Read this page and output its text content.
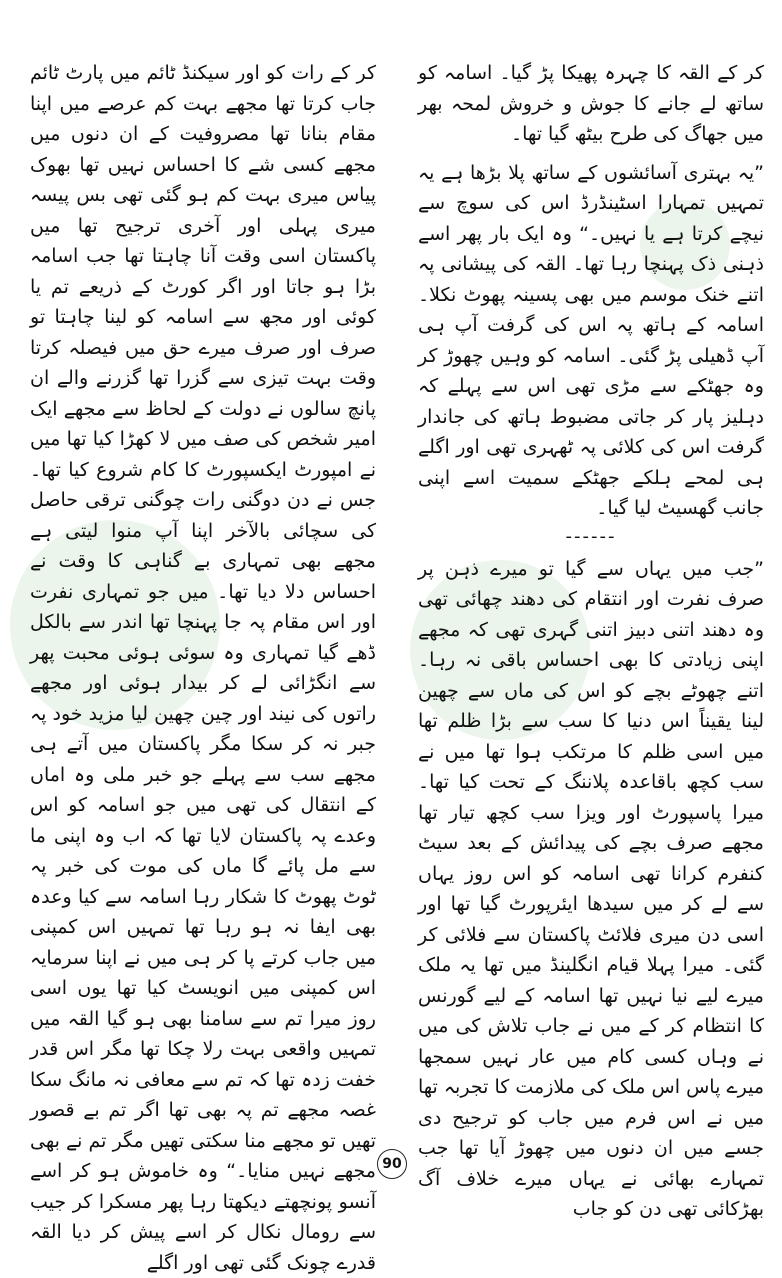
کر کے القہ کا چہرہ پھیکا پڑ گیا۔ اسامہ کو ساتھ لے جانے کا جوش و خروش لمحہ بھر میں جھاگ کی طرح بیٹھ گیا تھا۔

”یہ بہتری آسائشوں کے ساتھ پلا بڑھا ہے یہ تمہیں تمہارا اسٹینڈرڈ اس کی سوچ سے نیچے کرتا ہے یا نہیں۔“ وہ ایک بار پھر اسے ذہنی ذک پہنچا رہا تھا۔ القہ کی پیشانی پہ اتنے خنک موسم میں بھی پسینہ پھوٹ نکلا۔ اسامہ کے ہاتھ پہ اس کی گرفت آپ ہی آپ ڈھیلی پڑ گئی۔ اسامہ کو وہیں چھوڑ کر وہ جھٹکے سے مڑی تھی اس سے پہلے کہ دہلیز پار کر جاتی مضبوط ہاتھ کی جاندار گرفت اس کی کلائی پہ ٹھہری تھی اور اگلے ہی لمحے ہلکے جھٹکے سمیت اسے اپنی جانب گھسیٹ لیا گیا۔

------

”جب میں یہاں سے گیا تو میرے ذہن پر صرف نفرت اور انتقام کی دھند چھائی تھی وہ دھند اتنی دبیز اتنی گہری تھی کہ مجھے اپنی زیادتی کا بھی احساس باقی نہ رہا۔ اتنے چھوٹے بچے کو اس کی ماں سے چھین لینا یقیناً اس دنیا کا سب سے بڑا ظلم تھا میں اسی ظلم کا مرتکب ہوا تھا میں نے سب کچھ باقاعدہ پلاننگ کے تحت کیا تھا۔ میرا پاسپورٹ اور ویزا سب کچھ تیار تھا مجھے صرف بچے کی پیدائش کے بعد سیٹ کنفرم کرانا تھی اسامہ کو اس روز یہاں سے لے کر میں سیدھا ایئرپورٹ گیا تھا اور اسی دن میری فلائٹ پاکستان سے فلائی کر گئی۔ میرا پہلا قیام انگلینڈ میں تھا یہ ملک میرے لیے نیا نہیں تھا اسامہ کے لیے گورنس کا انتظام کر کے میں نے جاب تلاش کی میں نے وہاں کسی کام میں عار نہیں سمجھا میرے پاس اس ملک کی ملازمت کا تجربہ تھا میں نے اس فرم میں جاب کو ترجیح دی جسے میں ان دنوں میں چھوڑ آیا تھا جب تمہارے بھائی نے یہاں میرے خلاف آگ بھڑکائی تھی دن کو جاب

کر کے رات کو اور سیکنڈ ٹائم میں پارٹ ٹائم جاب کرتا تھا مجھے بہت کم عرصے میں اپنا مقام بنانا تھا مصروفیت کے ان دنوں میں مجھے کسی شے کا احساس نہیں تھا بھوک پیاس میری بہت کم ہو گئی تھی بس پیسہ میری پہلی اور آخری ترجیح تھا میں پاکستان اسی وقت آنا چاہتا تھا جب اسامہ بڑا ہو جاتا اور اگر کورٹ کے ذریعے تم یا کوئی اور مجھ سے اسامہ کو لینا چاہتا تو صرف اور صرف میرے حق میں فیصلہ کرتا وقت بہت تیزی سے گزرا تھا گزرنے والے ان پانچ سالوں نے دولت کے لحاظ سے مجھے ایک امیر شخص کی صف میں لا کھڑا کیا تھا میں نے امپورٹ ایکسپورٹ کا کام شروع کیا تھا۔ جس نے دن دوگنی رات چوگنی ترقی حاصل کی سچائی بالآخر اپنا آپ منوا لیتی ہے مجھے بھی تمہاری بے گناہی کا وقت نے احساس دلا دیا تھا۔ میں جو تمہاری نفرت اور اس مقام پہ جا پہنچا تھا اندر سے بالکل ڈھے گیا تمہاری وہ سوئی ہوئی محبت پھر سے انگڑائی لے کر بیدار ہوئی اور مجھے راتوں کی نیند اور چین چھین لیا مزید خود پہ جبر نہ کر سکا مگر پاکستان میں آتے ہی مجھے سب سے پہلے جو خبر ملی وہ اماں کے انتقال کی تھی میں جو اسامہ کو اس وعدے پہ پاکستان لایا تھا کہ اب وہ اپنی ما سے مل پائے گا ماں کی موت کی خبر پہ ٹوٹ پھوٹ کا شکار رہا اسامہ سے کیا وعدہ بھی ایفا نہ ہو رہا تھا تمہیں اس کمپنی میں جاب کرتے پا کر ہی میں نے اپنا سرمایہ اس کمپنی میں انویسٹ کیا تھا یوں اسی روز میرا تم سے سامنا بھی ہو گیا القہ میں تمہیں واقعی بہت رلا چکا تھا مگر اس قدر خفت زدہ تھا کہ تم سے معافی نہ مانگ سکا غصہ مجھے تم پہ بھی تھا اگر تم بے قصور تھیں تو مجھے منا سکتی تھیں مگر تم نے بھی مجھے نہیں منایا۔“ وہ خاموش ہو کر اسے آنسو پونچھتے دیکھتا رہا پھر مسکرا کر جیب سے رومال نکال کر اسے پیش کر دیا القہ قدرے چونک گئی تھی اور اگلے

90
